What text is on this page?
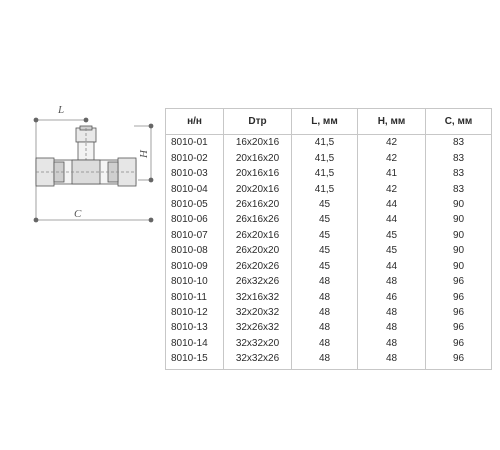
L
H
C
н/н	Dтр	L, мм	H, мм	C, мм
8010-01	16x20x16	41,5	42	83
8010-02	20x16x20	41,5	42	83
8010-03	20x16x16	41,5	41	83
8010-04	20x20x16	41,5	42	83
8010-05	26x16x20	45	44	90
8010-06	26x16x26	45	44	90
8010-07	26x20x16	45	45	90
8010-08	26x20x20	45	45	90
8010-09	26x20x26	45	44	90
8010-10	26x32x26	48	48	96
8010-11	32x16x32	48	46	96
8010-12	32x20x32	48	48	96
8010-13	32x26x32	48	48	96
8010-14	32x32x20	48	48	96
8010-15	32x32x26	48	48	96
